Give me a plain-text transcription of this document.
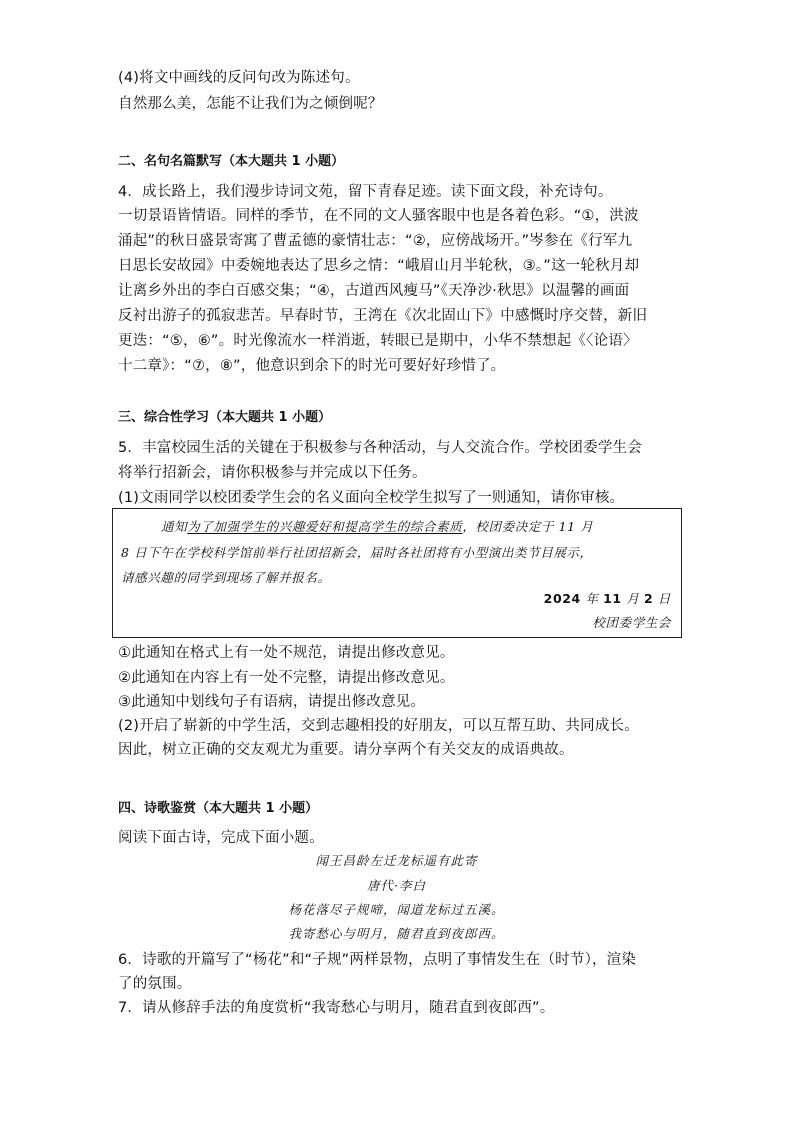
(4)将文中画线的反问句改为陈述句。
自然那么美，怎能不让我们为之倾倒呢？
二、名句名篇默写（本大题共 1 小题）
4．成长路上，我们漫步诗词文苑，留下青春足迹。读下面文段，补充诗句。
一切景语皆情语。同样的季节，在不同的文人骚客眼中也是各着色彩。“①，洪波
涌起”的秋日盛景寄寓了曹孟德的豪情壮志：“②，应傍战场开。”岑参在《行军九
日思长安故园》中委婉地表达了思乡之情：“峨眉山月半轮秋，③。”这一轮秋月却
让离乡外出的李白百感交集；“④，古道西风瘦马”《天净沙·秋思》以温馨的画面
反衬出游子的孤寂悲苦。早春时节，王湾在《次北固山下》中感慨时序交替，新旧
更迭：“⑤，⑥”。时光像流水一样消逝，转眼已是期中，小华不禁想起《〈论语〉
十二章》：“⑦，⑧”，他意识到余下的时光可要好好珍惜了。
三、综合性学习（本大题共 1 小题）
5．丰富校园生活的关键在于积极参与各种活动，与人交流合作。学校团委学生会
将举行招新会，请你积极参与并完成以下任务。
(1)文雨同学以校团委学生会的名义面向全校学生拟写了一则通知，请你审核。
通知为了加强学生的兴趣爱好和提高学生的综合素质，校团委决定于 11 月
8 日下午在学校科学馆前举行社团招新会，届时各社团将有小型演出类节目展示，
请感兴趣的同学到现场了解并报名。
2024 年 11 月 2 日
校团委学生会
①此通知在格式上有一处不规范，请提出修改意见。
②此通知在内容上有一处不完整，请提出修改意见。
③此通知中划线句子有语病，请提出修改意见。
(2)开启了崭新的中学生活，交到志趣相投的好朋友，可以互帮互助、共同成长。
因此，树立正确的交友观尤为重要。请分享两个有关交友的成语典故。
四、诗歌鉴赏（本大题共 1 小题）
阅读下面古诗，完成下面小题。
闻王昌龄左迁龙标遥有此寄
唐代·李白
杨花落尽子规啼，闻道龙标过五溪。
我寄愁心与明月，随君直到夜郎西。
6．诗歌的开篇写了“杨花”和“子规”两样景物，点明了事情发生在（时节），渲染
了的氛围。
7．请从修辞手法的角度赏析“我寄愁心与明月，随君直到夜郎西”。
